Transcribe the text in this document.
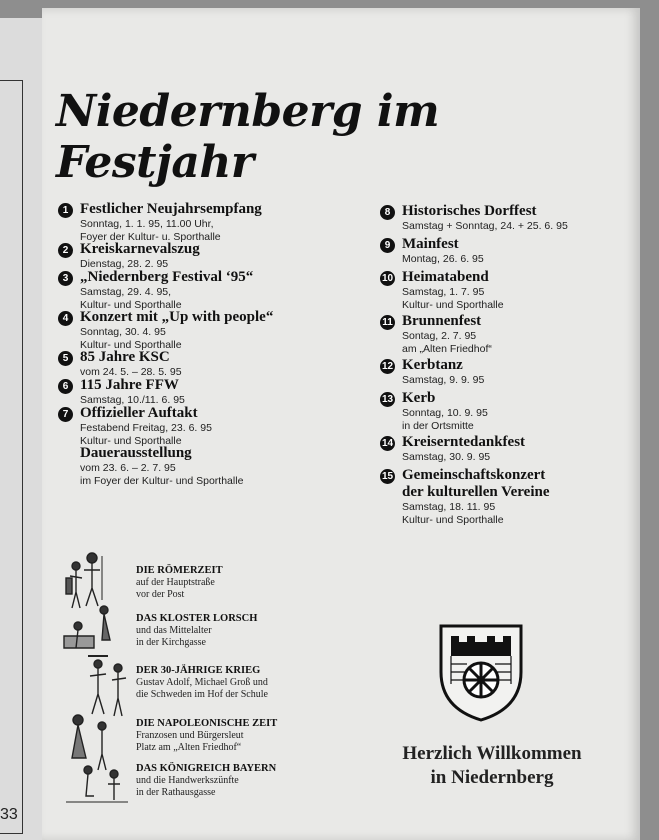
33
Niedernberg im Festjahr
1 Festlicher Neujahrsempfang
Sonntag, 1. 1. 95, 11.00 Uhr,
Foyer der Kultur- u. Sporthalle
2 Kreiskarnevalszug
Dienstag, 28. 2. 95
3 „Niedernberg Festival ‘95“
Samstag, 29. 4. 95,
Kultur- und Sporthalle
4 Konzert mit „Up with people“
Sonntag, 30. 4. 95
Kultur- und Sporthalle
5 85 Jahre KSC
vom 24. 5. – 28. 5. 95
6 115 Jahre FFW
Samstag, 10./11. 6. 95
7 Offizieller Auftakt
Festabend Freitag, 23. 6. 95
Kultur- und Sporthalle
Dauerausstellung
vom 23. 6. – 2. 7. 95
im Foyer der Kultur- und Sporthalle
DIE RÖMERZEIT
auf der Hauptstraße
vor der Post
DAS KLOSTER LORSCH
und das Mittelalter
in der Kirchgasse
DER 30-JÄHRIGE KRIEG
Gustav Adolf, Michael Groß und
die Schweden im Hof der Schule
DIE NAPOLEONISCHE ZEIT
Franzosen und Bürgersleut
Platz am „Alten Friedhof“
DAS KÖNIGREICH BAYERN
und die Handwerkszünfte
in der Rathausgasse
8 Historisches Dorffest
Samstag + Sonntag, 24. + 25. 6. 95
9 Mainfest
Montag, 26. 6. 95
10 Heimatabend
Samstag, 1. 7. 95
Kultur- und Sporthalle
11 Brunnenfest
Sontag, 2. 7. 95
am „Alten Friedhof“
12 Kerbtanz
Samstag, 9. 9. 95
13 Kerb
Sonntag, 10. 9. 95
in der Ortsmitte
14 Kreiserntedankfest
Samstag, 30. 9. 95
15 Gemeinschaftskonzert
der kulturellen Vereine
Samstag, 18. 11. 95
Kultur- und Sporthalle
Herzlich Willkommen
in Niedernberg
